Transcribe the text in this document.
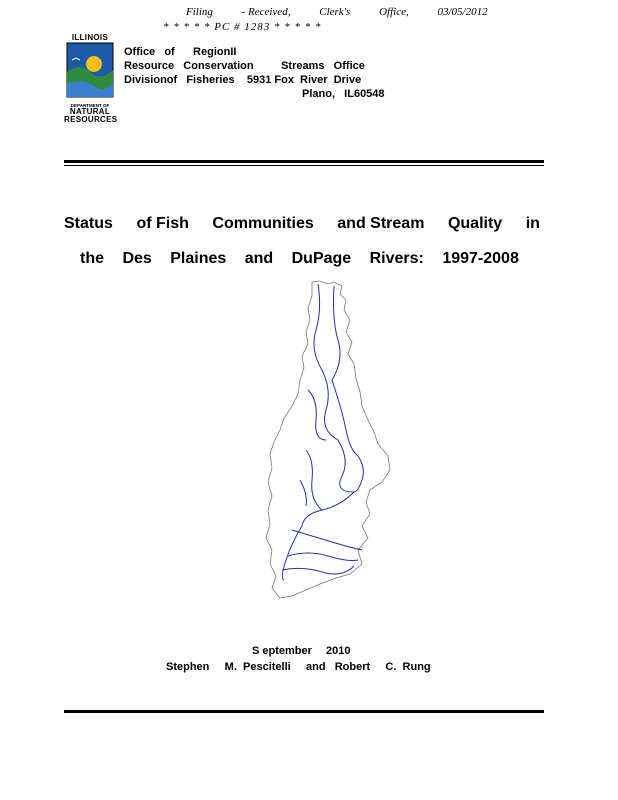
Filing	- Received,	Clerk's	Office,	03/05/2012
* * * * * PC # 1283 * * * * *
ILLINOIS
DEPARTMENT OF
NATURAL
RESOURCES
Office   of      RegionII
Resource   Conservation         Streams   Office
Divisionof   Fisheries    5931 Fox  River  Drive
Plano,   IL60548
Status of Fish Communities and Stream Quality in
the Des Plaines and DuPage Rivers: 1997-2008
S eptember 2010
Stephen     M.  Pescitelli     and   Robert     C.  Rung
